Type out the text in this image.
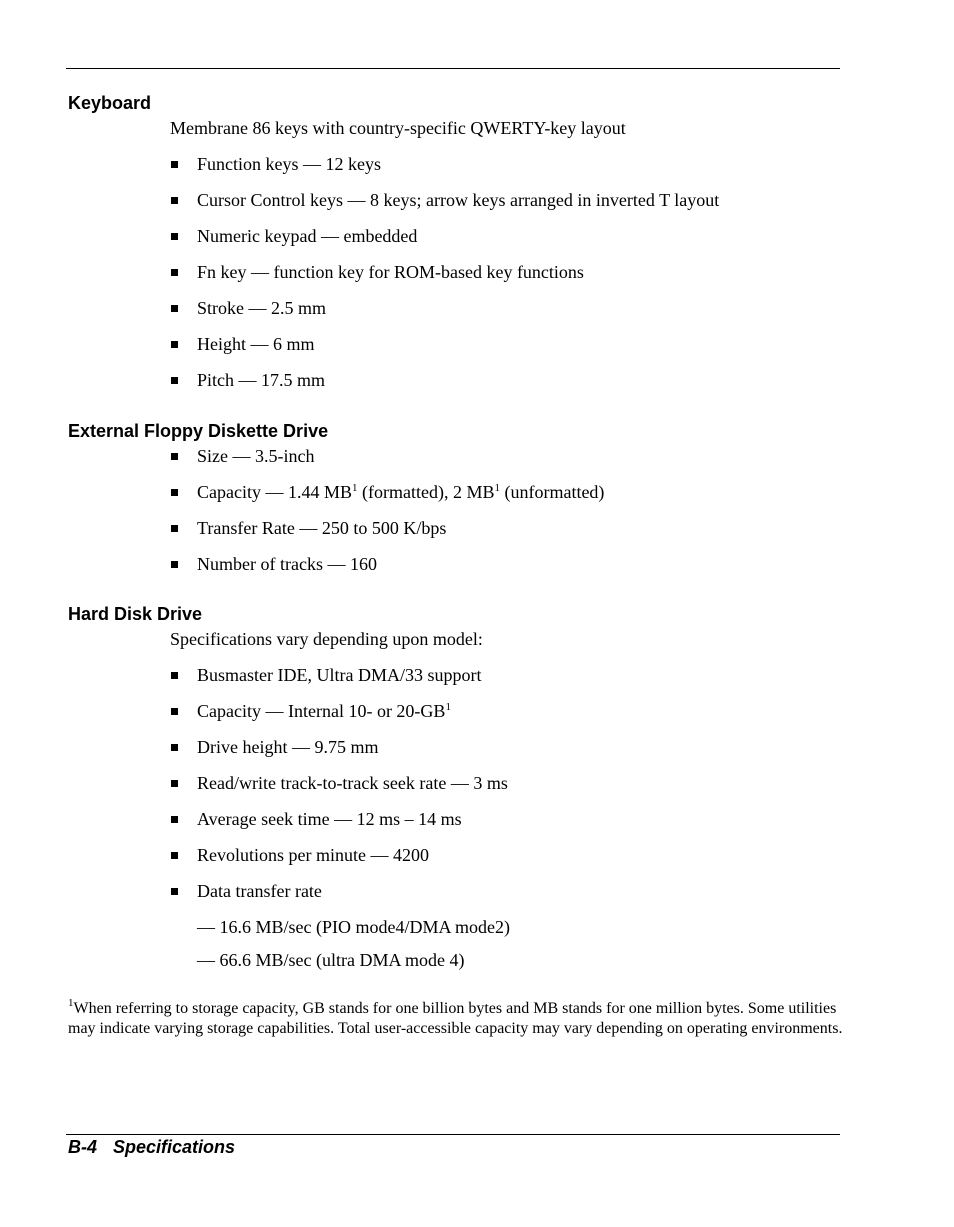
Keyboard
Membrane 86 keys with country-specific QWERTY-key layout
Function keys — 12 keys
Cursor Control keys — 8 keys; arrow keys arranged in inverted T layout
Numeric keypad — embedded
Fn key — function key for ROM-based key functions
Stroke — 2.5 mm
Height — 6 mm
Pitch — 17.5 mm
External Floppy Diskette Drive
Size — 3.5-inch
Capacity — 1.44 $MB^1$ (formatted), 2 $MB^1$ (unformatted)
Transfer Rate — 250 to 500 K/bps
Number of tracks — 160
Hard Disk Drive
Specifications vary depending upon model:
Busmaster IDE, Ultra DMA/33 support
Capacity — Internal 10- or $20-GB^1$
Drive height — 9.75 mm
Read/write track-to-track seek rate — 3 ms
Average seek time — 12 ms – 14 ms
Revolutions per minute — 4200
Data transfer rate
— 16.6 MB/sec (PIO mode4/DMA mode2)
— 66.6 MB/sec (ultra DMA mode 4)
$^1$When referring to storage capacity, GB stands for one billion bytes and MB stands for one million bytes. Some utilities may indicate varying storage capabilities. Total user-accessible capacity may vary depending on operating environments.
B-4 Specifications
